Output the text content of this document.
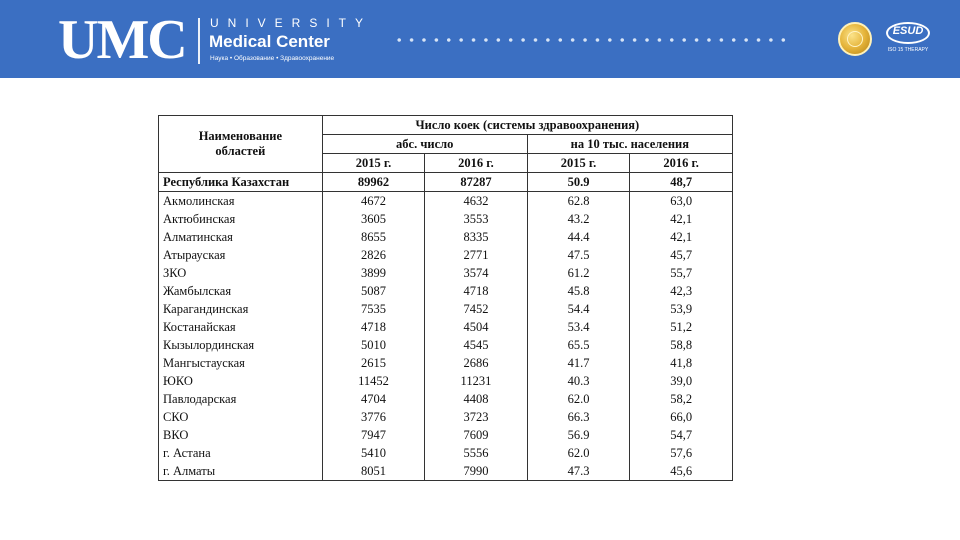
UMC UNIVERSITY
Medical Center
Наука • Образование • Здравоохранение
ESUD
ISO 15 THERAPY
Наименование
областей	Число коек (системы здравоохранения)			
	абс. число		на 10 тыс. населения	
	2015 г.	2016 г.	2015 г.	2016 г.
Республика Казахстан	89962	87287	50.9	48,7
Акмолинская	4672	4632	62.8	63,0
Актюбинская	3605	3553	43.2	42,1
Алматинская	8655	8335	44.4	42,1
Атырауская	2826	2771	47.5	45,7
ЗКО	3899	3574	61.2	55,7
Жамбылская	5087	4718	45.8	42,3
Карагандинская	7535	7452	54.4	53,9
Костанайская	4718	4504	53.4	51,2
Кызылординская	5010	4545	65.5	58,8
Мангыстауская	2615	2686	41.7	41,8
ЮКО	11452	11231	40.3	39,0
Павлодарская	4704	4408	62.0	58,2
СКО	3776	3723	66.3	66,0
ВКО	7947	7609	56.9	54,7
г. Астана	5410	5556	62.0	57,6
г. Алматы	8051	7990	47.3	45,6
